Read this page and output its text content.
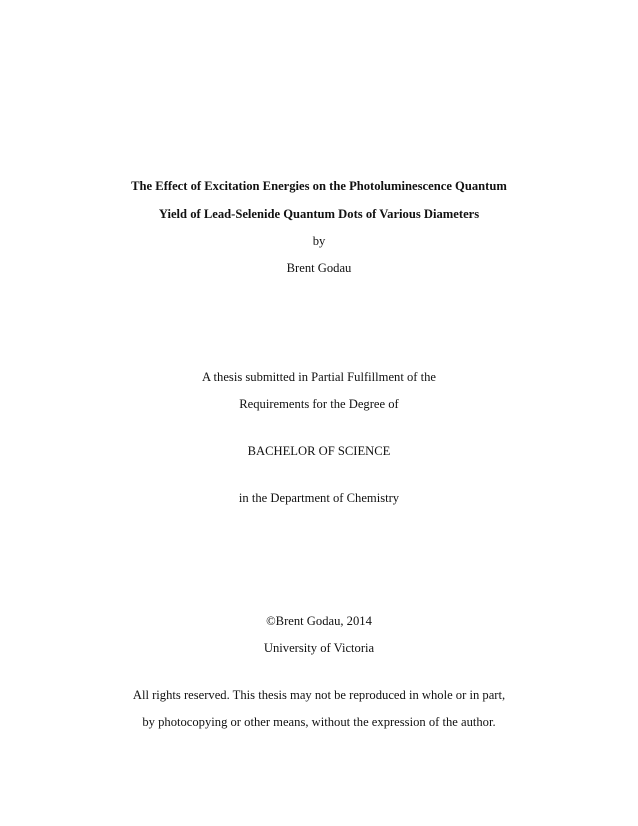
The Effect of Excitation Energies on the Photoluminescence Quantum
Yield of Lead-Selenide Quantum Dots of Various Diameters
by
Brent Godau
A thesis submitted in Partial Fulfillment of the
Requirements for the Degree of
BACHELOR OF SCIENCE
in the Department of Chemistry
©Brent Godau, 2014
University of Victoria
All rights reserved. This thesis may not be reproduced in whole or in part,
by photocopying or other means, without the expression of the author.
